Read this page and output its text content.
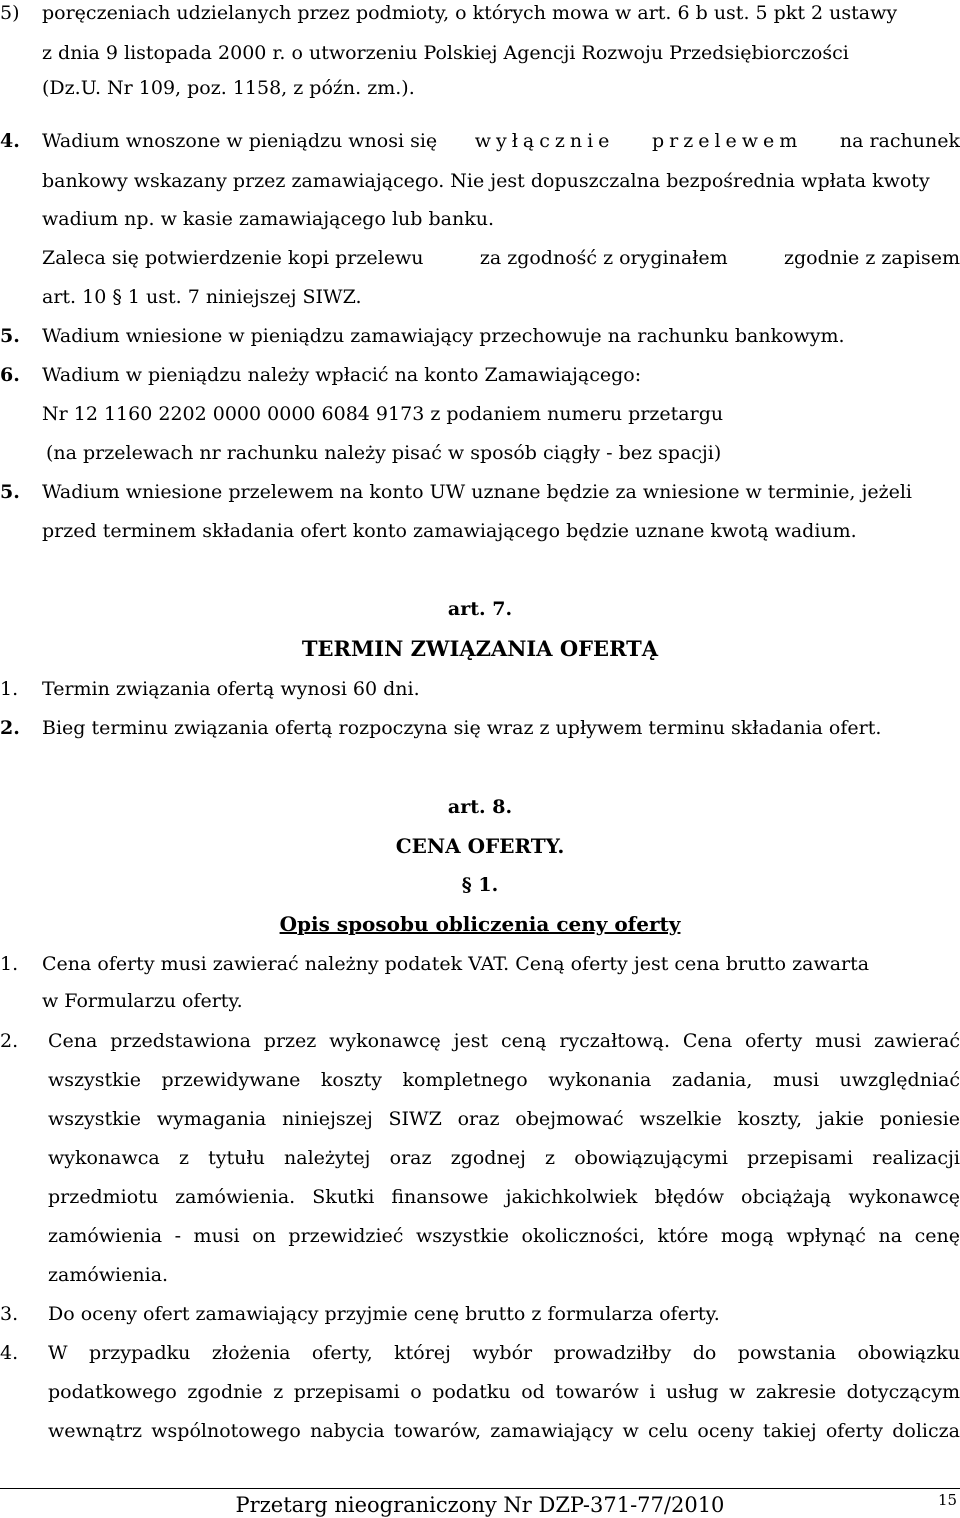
5) poręczeniach udzielanych przez podmioty, o których mowa w art. 6 b ust. 5 pkt 2 ustawy
z dnia 9 listopada 2000 r. o utworzeniu Polskiej Agencji Rozwoju Przedsiębiorczości
(Dz.U. Nr 109, poz. 1158, z późn. zm.).
4. Wadium wnoszone w pieniądzu wnosi się wyłącznie przelewem na rachunek
bankowy wskazany przez zamawiającego. Nie jest dopuszczalna bezpośrednia wpłata kwoty
wadium np. w kasie zamawiającego lub banku.
Zaleca się potwierdzenie kopi przelewu	za zgodność z oryginałem	zgodnie z zapisem
art. 10 § 1 ust. 7 niniejszej SIWZ.
5. Wadium wniesione w pieniądzu zamawiający przechowuje na rachunku bankowym.
6. Wadium w pieniądzu należy wpłacić na konto Zamawiającego:
Nr 12 1160 2202 0000 0000 6084 9173 z podaniem numeru przetargu
(na przelewach nr rachunku należy pisać w sposób ciągły - bez spacji)
5. Wadium wniesione przelewem na konto UW uznane będzie za wniesione w terminie, jeżeli
przed terminem składania ofert konto zamawiającego będzie uznane kwotą wadium.
art. 7.
TERMIN ZWIĄZANIA OFERTĄ
1. Termin związania ofertą wynosi 60 dni.
2. Bieg terminu związania ofertą rozpoczyna się wraz z upływem terminu składania ofert.
art. 8.
CENA OFERTY.
§ 1.
Opis sposobu obliczenia ceny oferty
1. Cena oferty musi zawierać należny podatek VAT. Ceną oferty jest cena brutto zawarta
w Formularzu oferty.
2. Cena przedstawiona przez wykonawcę jest ceną ryczałtową. Cena oferty musi zawierać
wszystkie przewidywane koszty kompletnego wykonania zadania, musi uwzględniać
wszystkie wymagania niniejszej SIWZ oraz obejmować wszelkie koszty, jakie poniesie
wykonawca z tytułu należytej oraz zgodnej z obowiązującymi przepisami realizacji
przedmiotu zamówienia. Skutki finansowe jakichkolwiek błędów obciążają wykonawcę
zamówienia - musi on przewidzieć wszystkie okoliczności, które mogą wpłynąć na cenę
zamówienia.
3. Do oceny ofert zamawiający przyjmie cenę brutto z formularza oferty.
4. W przypadku złożenia oferty, której wybór prowadziłby do powstania obowiązku
podatkowego zgodnie z przepisami o podatku od towarów i usług w zakresie dotyczącym
wewnątrz wspólnotowego nabycia towarów, zamawiający w celu oceny takiej oferty dolicza
Przetarg nieograniczony Nr DZP-371-77/2010	15
